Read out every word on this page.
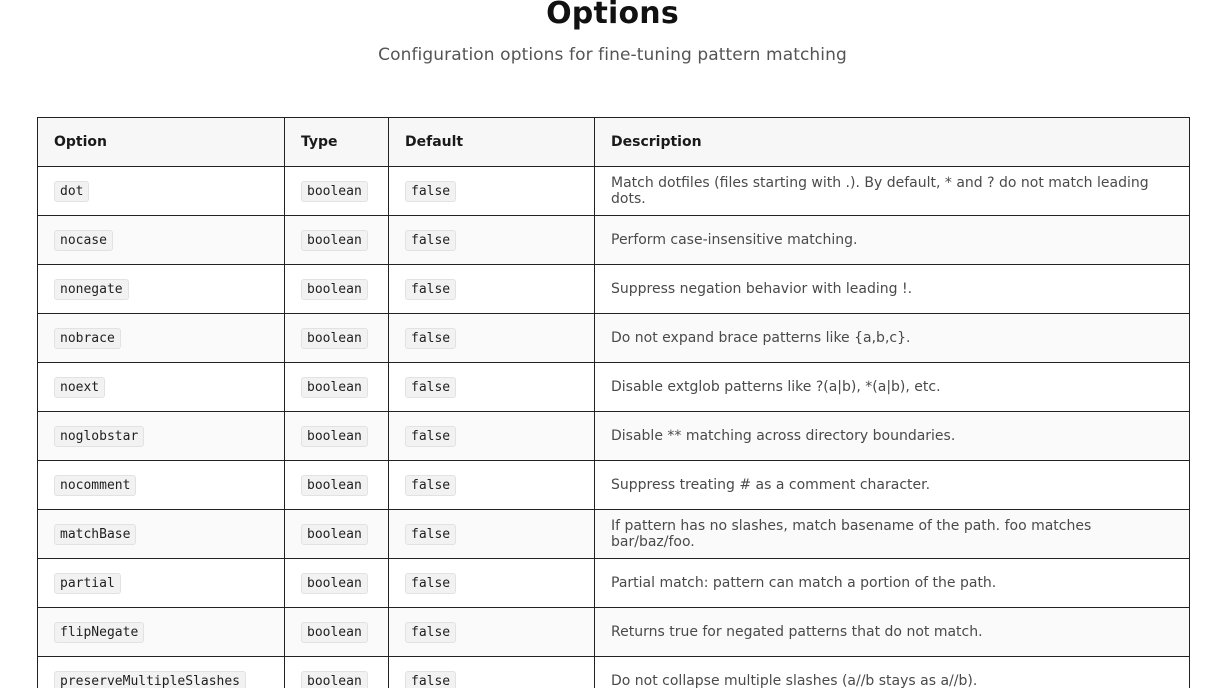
Options
Configuration options for fine-tuning pattern matching
Option	Type	Default	Description
dot	boolean	false	Match dotfiles (files starting with .). By default, * and ? do not match leading dots.
nocase	boolean	false	Perform case-insensitive matching.
nonegate	boolean	false	Suppress negation behavior with leading !.
nobrace	boolean	false	Do not expand brace patterns like {a,b,c}.
noext	boolean	false	Disable extglob patterns like ?(a|b), *(a|b), etc.
noglobstar	boolean	false	Disable ** matching across directory boundaries.
nocomment	boolean	false	Suppress treating # as a comment character.
matchBase	boolean	false	If pattern has no slashes, match basename of the path. foo matches bar/baz/foo.
partial	boolean	false	Partial match: pattern can match a portion of the path.
flipNegate	boolean	false	Returns true for negated patterns that do not match.
preserveMultipleSlashes	boolean	false	Do not collapse multiple slashes (a//b stays as a//b).
